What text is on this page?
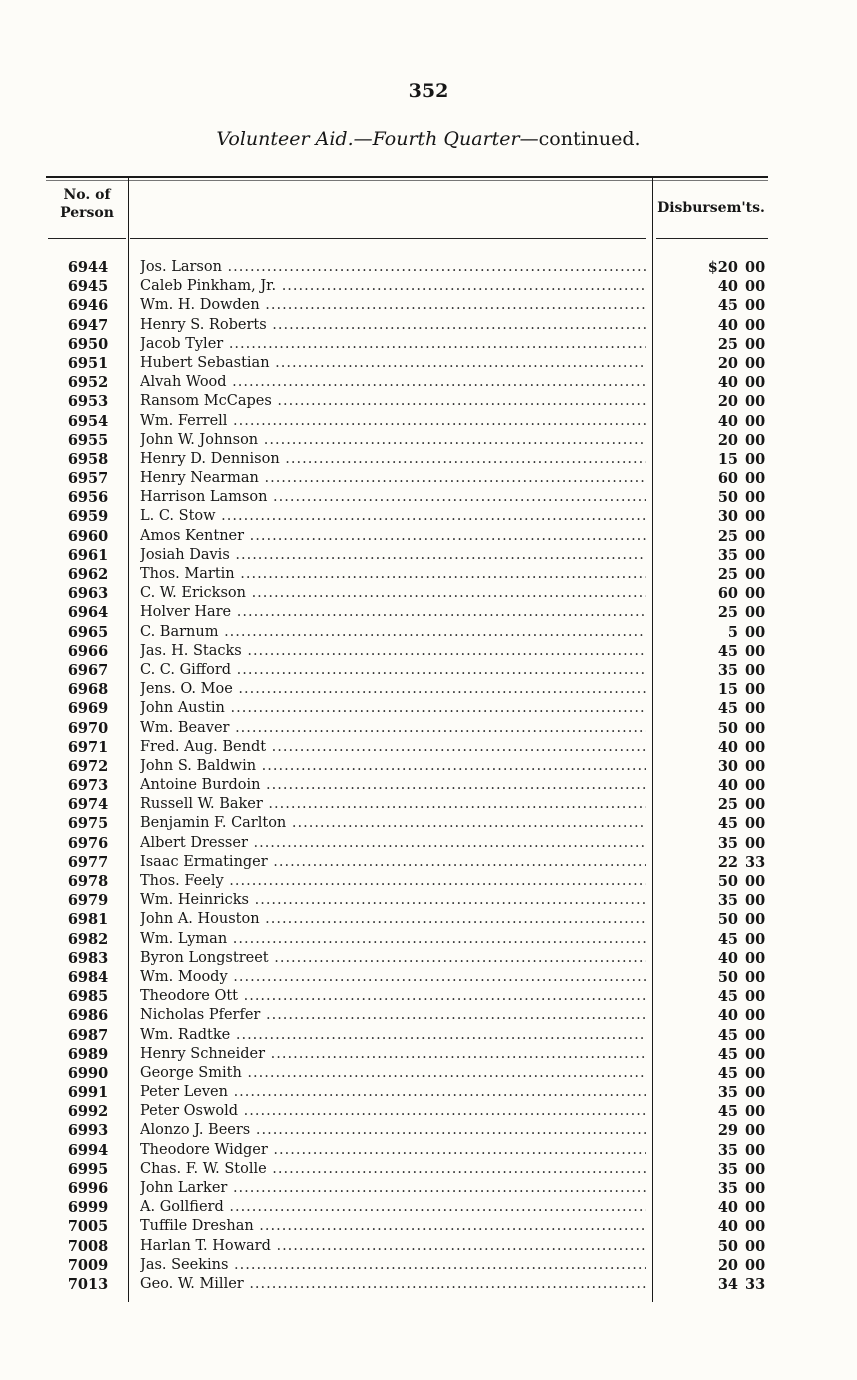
352
Volunteer Aid.—Fourth Quarter—continued.
No. of
Person	Disbursem'ts.
6944	Jos. Larson .....	$20 00
6945	Caleb Pinkham, Jr. .....	40 00
6946	Wm. H. Dowden .....	45 00
6947	Henry S. Roberts .....	40 00
6950	Jacob Tyler .....	25 00
6951	Hubert Sebastian .....	20 00
6952	Alvah Wood .....	40 00
6953	Ransom McCapes .....	20 00
6954	Wm. Ferrell .....	40 00
6955	John W. Johnson .....	20 00
6958	Henry D. Dennison .....	15 00
6957	Henry Nearman .....	60 00
6956	Harrison Lamson .....	50 00
6959	L. C. Stow .....	30 00
6960	Amos Kentner .....	25 00
6961	Josiah Davis .....	35 00
6962	Thos. Martin .....	25 00
6963	C. W. Erickson .....	60 00
6964	Holver Hare .....	25 00
6965	C. Barnum .....	5 00
6966	Jas. H. Stacks .....	45 00
6967	C. C. Gifford .....	35 00
6968	Jens. O. Moe .....	15 00
6969	John Austin .....	45 00
6970	Wm. Beaver .....	50 00
6971	Fred. Aug. Bendt .....	40 00
6972	John S. Baldwin .....	30 00
6973	Antoine Burdoin .....	40 00
6974	Russell W. Baker .....	25 00
6975	Benjamin F. Carlton .....	45 00
6976	Albert Dresser .....	35 00
6977	Isaac Ermatinger .....	22 33
6978	Thos. Feely .....	50 00
6979	Wm. Heinricks .....	35 00
6981	John A. Houston .....	50 00
6982	Wm. Lyman .....	45 00
6983	Byron Longstreet .....	40 00
6984	Wm. Moody .....	50 00
6985	Theodore Ott .....	45 00
6986	Nicholas Pferfer .....	40 00
6987	Wm. Radtke .....	45 00
6989	Henry Schneider .....	45 00
6990	George Smith .....	45 00
6991	Peter Leven .....	35 00
6992	Peter Oswold .....	45 00
6993	Alonzo J. Beers .....	29 00
6994	Theodore Widger .....	35 00
6995	Chas. F. W. Stolle .....	35 00
6996	John Larker .....	35 00
6999	A. Gollfierd .....	40 00
7005	Tuffile Dreshan .....	40 00
7008	Harlan T. Howard .....	50 00
7009	Jas. Seekins .....	20 00
7013	Geo. W. Miller .....	34 33
